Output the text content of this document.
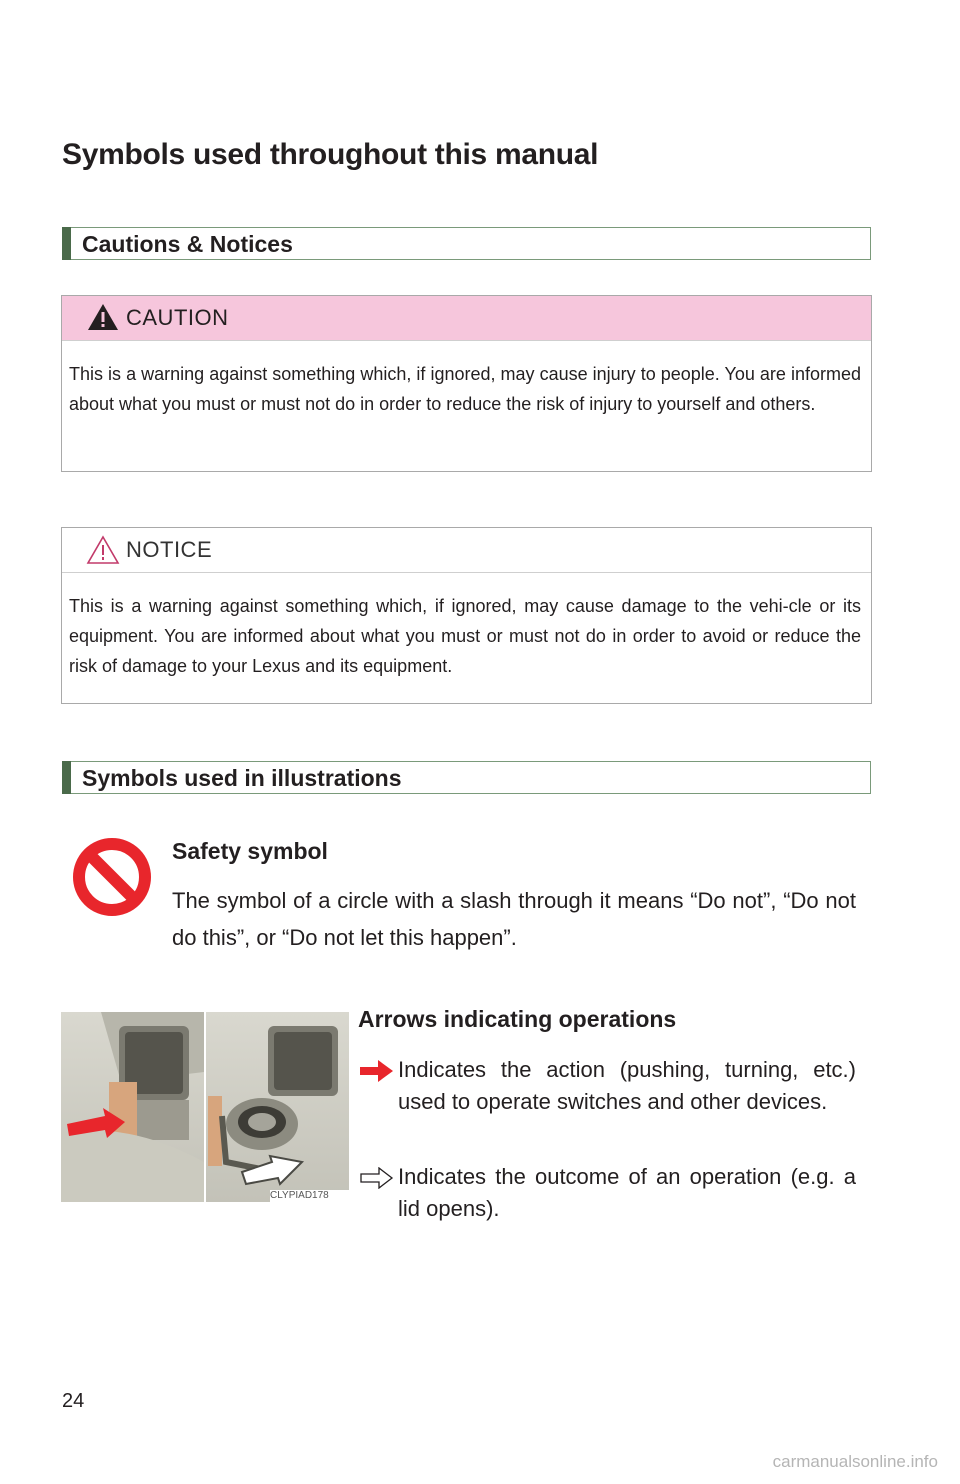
Symbols used throughout this manual
Cautions & Notices
CAUTION
This is a warning against something which, if ignored, may cause injury to people. You are informed about what you must or must not do in order to reduce the risk of injury to yourself and others.
NOTICE
This is a warning against something which, if ignored, may cause damage to the vehi-cle or its equipment. You are informed about what you must or must not do in order to avoid or reduce the risk of damage to your Lexus and its equipment.
Symbols used in illustrations
Safety symbol
The symbol of a circle with a slash through it means “Do not”, “Do not do this”, or “Do not let this happen”.
CLYPIAD178
Arrows indicating operations
Indicates the action (pushing, turning, etc.) used to operate switches and other devices.
Indicates the outcome of an operation (e.g. a lid opens).
24
carmanualsonline.info
